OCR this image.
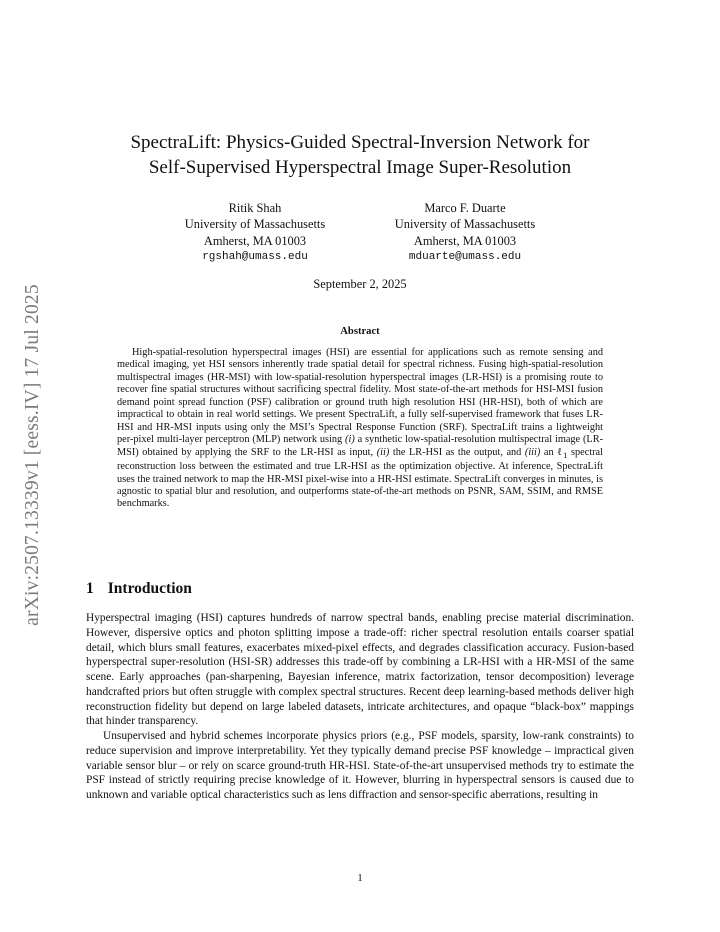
arXiv:2507.13339v1 [eess.IV] 17 Jul 2025
SpectraLift: Physics-Guided Spectral-Inversion Network for
Self-Supervised Hyperspectral Image Super-Resolution
Ritik Shah
University of Massachusetts
Amherst, MA 01003
rgshah@umass.edu
Marco F. Duarte
University of Massachusetts
Amherst, MA 01003
mduarte@umass.edu
September 2, 2025
Abstract

High-spatial-resolution hyperspectral images (HSI) are essential for applications such as remote sensing and medical imaging, yet HSI sensors inherently trade spatial detail for spectral richness. Fusing high-spatial-resolution multispectral images (HR-MSI) with low-spatial-resolution hyperspectral images (LR-HSI) is a promising route to recover fine spatial structures without sacrificing spectral fidelity. Most state-of-the-art methods for HSI-MSI fusion demand point spread function (PSF) calibration or ground truth high resolution HSI (HR-HSI), both of which are impractical to obtain in real world settings. We present SpectraLift, a fully self-supervised framework that fuses LR-HSI and HR-MSI inputs using only the MSI’s Spectral Response Function (SRF). SpectraLift trains a lightweight per-pixel multi-layer perceptron (MLP) network using (i) a synthetic low-spatial-resolution multispectral image (LR-MSI) obtained by applying the SRF to the LR-HSI as input, (ii) the LR-HSI as the output, and (iii) an ℓ$_1$ spectral reconstruction loss between the estimated and true LR-HSI as the optimization objective. At inference, SpectraLift uses the trained network to map the HR-MSI pixel-wise into a HR-HSI estimate. SpectraLift converges in minutes, is agnostic to spatial blur and resolution, and outperforms state-of-the-art methods on PSNR, SAM, SSIM, and RMSE benchmarks.

1 Introduction

Hyperspectral imaging (HSI) captures hundreds of narrow spectral bands, enabling precise material discrimination. However, dispersive optics and photon splitting impose a trade-off: richer spectral resolution entails coarser spatial detail, which blurs small features, exacerbates mixed-pixel effects, and degrades classification accuracy. Fusion-based hyperspectral super-resolution (HSI-SR) addresses this trade-off by combining a LR-HSI with a HR-MSI of the same scene. Early approaches (pan-sharpening, Bayesian inference, matrix factorization, tensor decomposition) leverage handcrafted priors but often struggle with complex spectral structures. Recent deep learning-based methods deliver high reconstruction fidelity but depend on large labeled datasets, intricate architectures, and opaque “black-box” mappings that hinder transparency.

Unsupervised and hybrid schemes incorporate physics priors (e.g., PSF models, sparsity, low-rank constraints) to reduce supervision and improve interpretability. Yet they typically demand precise PSF knowledge – impractical given variable sensor blur – or rely on scarce ground-truth HR-HSI. State-of-the-art unsupervised methods try to estimate the PSF instead of strictly requiring precise knowledge of it. However, blurring in hyperspectral sensors is caused due to unknown and variable optical characteristics such as lens diffraction and sensor-specific aberrations, resulting in

1
